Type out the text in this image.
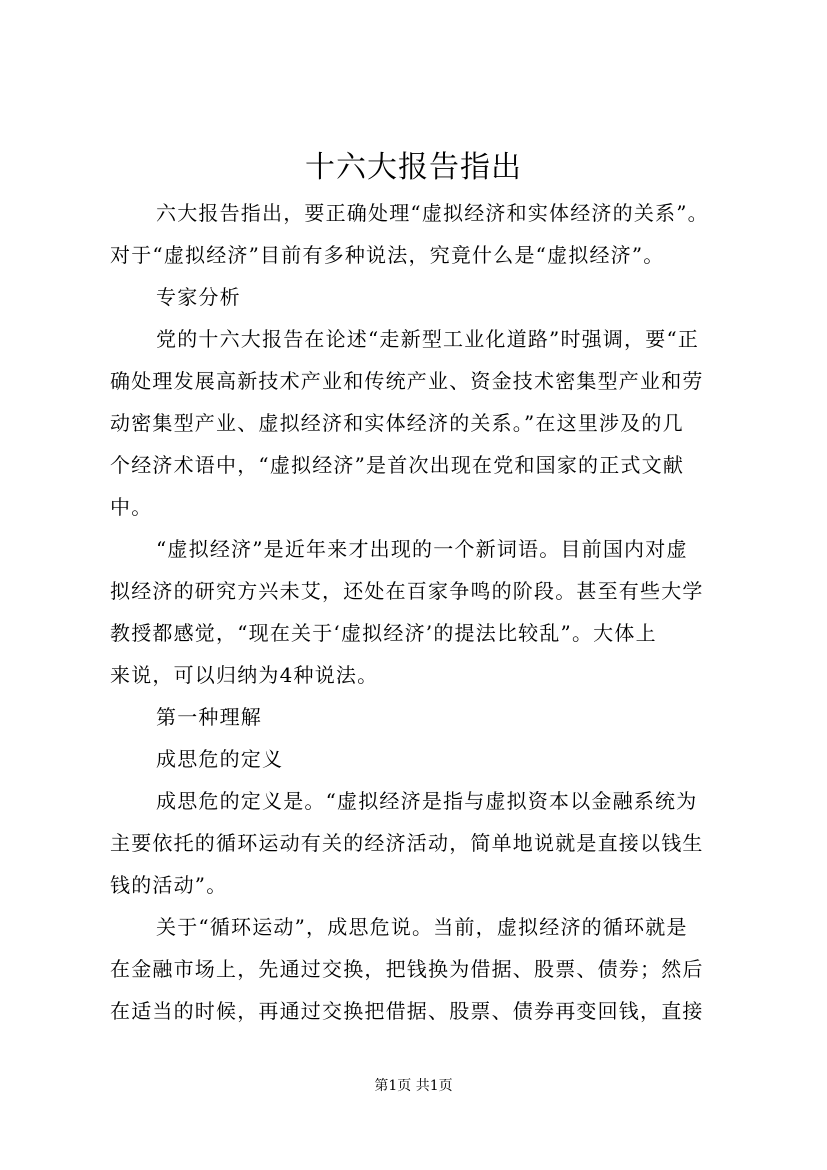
十六大报告指出
六大报告指出，要正确处理“虚拟经济和实体经济的关系”。
对于“虚拟经济”目前有多种说法，究竟什么是“虚拟经济”。
专家分析
党的十六大报告在论述“走新型工业化道路”时强调，要“正
确处理发展高新技术产业和传统产业、资金技术密集型产业和劳
动密集型产业、虚拟经济和实体经济的关系。”在这里涉及的几
个经济术语中，“虚拟经济”是首次出现在党和国家的正式文献
中。
“虚拟经济”是近年来才出现的一个新词语。目前国内对虚
拟经济的研究方兴未艾，还处在百家争鸣的阶段。甚至有些大学
教授都感觉，“现在关于‘虚拟经济’的提法比较乱”。大体上
来说，可以归纳为4种说法。
第一种理解
成思危的定义
成思危的定义是。“虚拟经济是指与虚拟资本以金融系统为
主要依托的循环运动有关的经济活动，简单地说就是直接以钱生
钱的活动”。
关于“循环运动”，成思危说。当前，虚拟经济的循环就是
在金融市场上，先通过交换，把钱换为借据、股票、债券；然后
在适当的时候，再通过交换把借据、股票、债券再变回钱，直接
第1页 共1页
